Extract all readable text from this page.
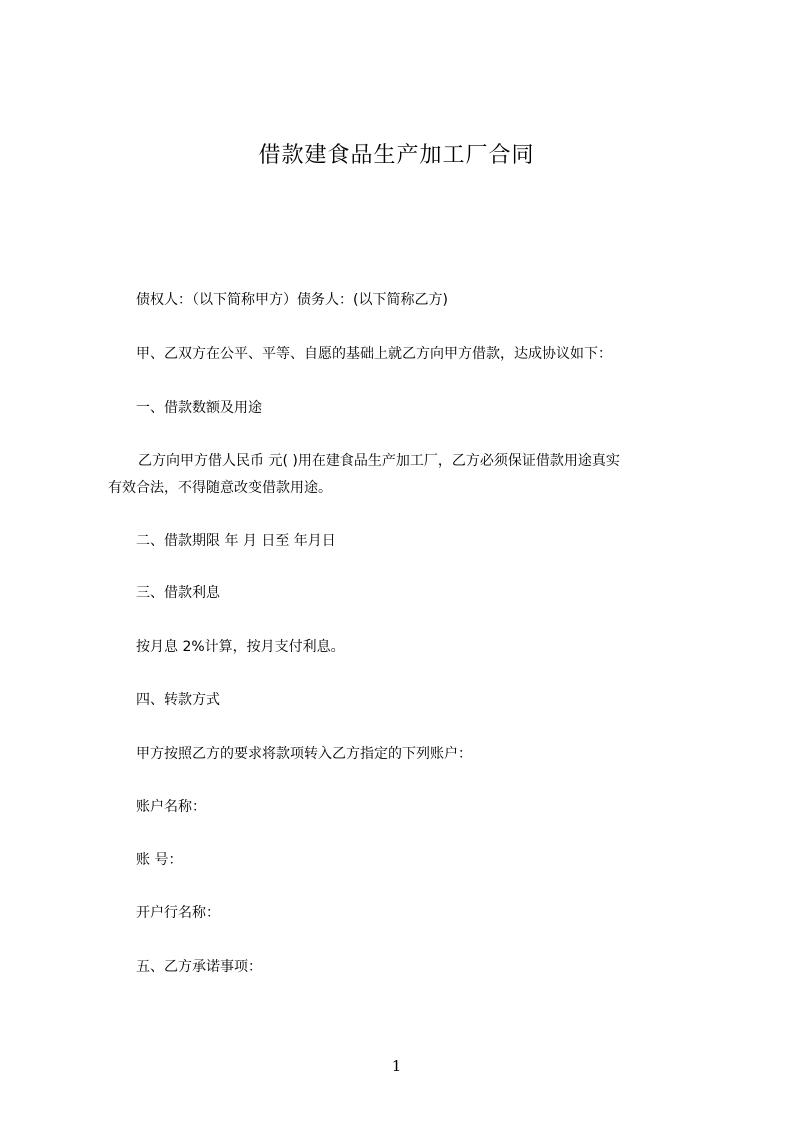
借款建食品生产加工厂合同
债权人：（以下简称甲方）债务人：(以下简称乙方)
甲、乙双方在公平、平等、自愿的基础上就乙方向甲方借款，达成协议如下：
一、借款数额及用途
乙方向甲方借人民币 元( )用在建食品生产加工厂，乙方必须保证借款用途真实
有效合法，不得随意改变借款用途。
二、借款期限 年 月 日至 年月日
三、借款利息
按月息 2%计算，按月支付利息。
四、转款方式
甲方按照乙方的要求将款项转入乙方指定的下列账户：
账户名称：
账 号：
开户行名称：
五、乙方承诺事项：
1
